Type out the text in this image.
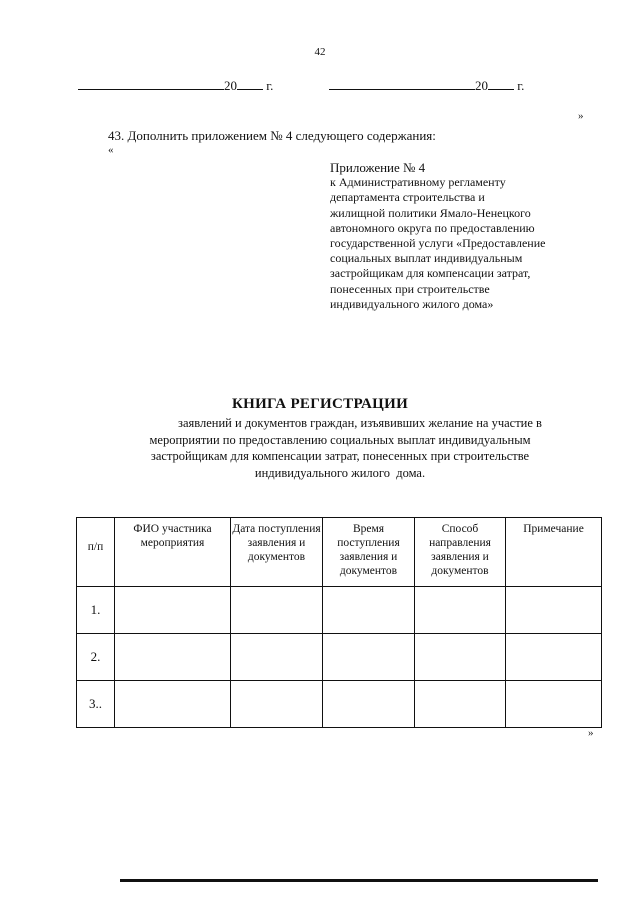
42
20 г.	20 г.
»
43. Дополнить приложением № 4 следующего содержания:
«
Приложение № 4
к Административному регламенту
департамента строительства и
жилищной политики Ямало-Ненецкого
автономного округа по предоставлению
государственной услуги «Предоставление
социальных выплат индивидуальным
застройщикам для компенсации затрат,
понесенных при строительстве
индивидуального жилого дома»
КНИГА РЕГИСТРАЦИИ
заявлений и документов граждан, изъявивших желание на участие в
мероприятии по предоставлению социальных выплат индивидуальным
застройщикам для компенсации затрат, понесенных при строительстве
индивидуального жилого  дома.
п/п	ФИО участника мероприятия	Дата поступления заявления и документов	Время поступления заявления и документов	Способ направления заявления и документов	Примечание

1.					
2.					
3..					
»
